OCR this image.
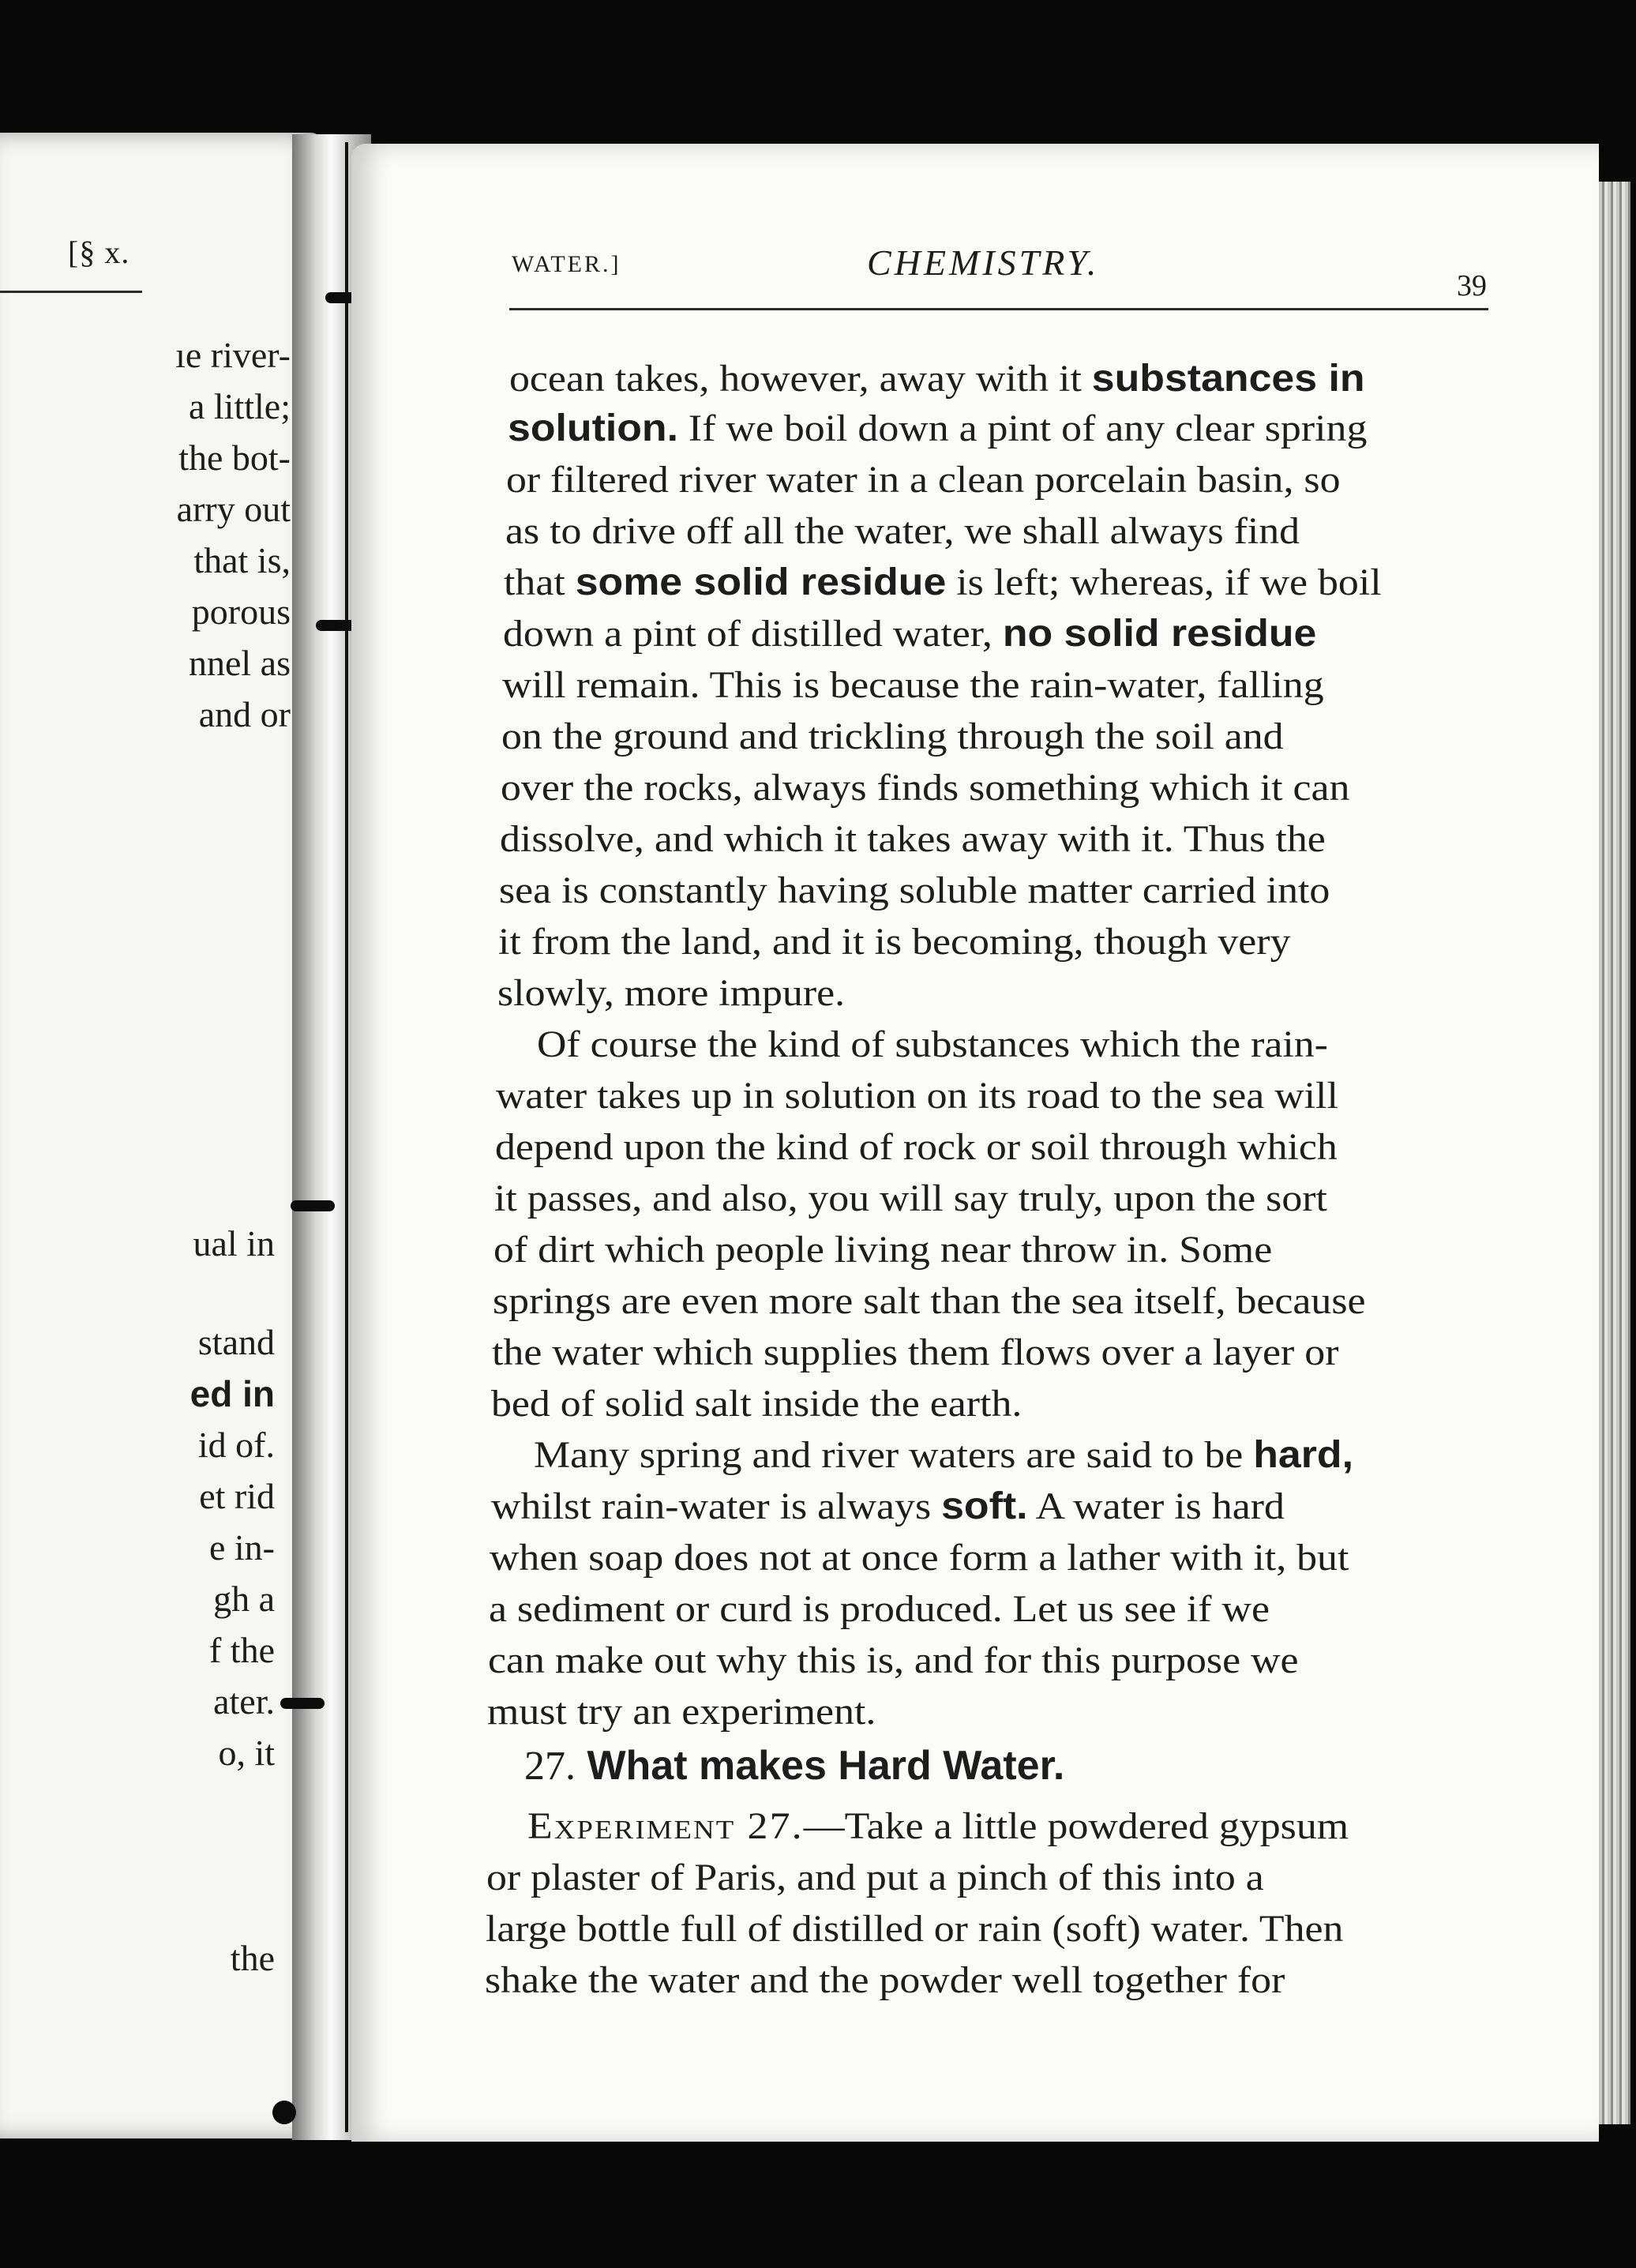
[§ x.
ıe river-
a little;
the bot-
arry out
that is,
porous
nnel as
and or
ual in
stand
ed in
id of.
et rid
e in-
gh a
f the
ater.
o, it
the
WATER.]	CHEMISTRY.
39
ocean takes, however, away with it substances in
solution. If we boil down a pint of any clear spring
or filtered river water in a clean porcelain basin, so
as to drive off all the water, we shall always find
that some solid residue is left; whereas, if we boil
down a pint of distilled water, no solid residue
will remain. This is because the rain-water, falling
on the ground and trickling through the soil and
over the rocks, always finds something which it can
dissolve, and which it takes away with it. Thus the
sea is constantly having soluble matter carried into
it from the land, and it is becoming, though very
slowly, more impure.
Of course the kind of substances which the rain-
water takes up in solution on its road to the sea will
depend upon the kind of rock or soil through which
it passes, and also, you will say truly, upon the sort
of dirt which people living near throw in. Some
springs are even more salt than the sea itself, because
the water which supplies them flows over a layer or
bed of solid salt inside the earth.
Many spring and river waters are said to be hard,
whilst rain-water is always soft. A water is hard
when soap does not at once form a lather with it, but
a sediment or curd is produced. Let us see if we
can make out why this is, and for this purpose we
must try an experiment.
27. What makes Hard Water.
Experiment 27.—Take a little powdered gypsum
or plaster of Paris, and put a pinch of this into a
large bottle full of distilled or rain (soft) water. Then
shake the water and the powder well together for
